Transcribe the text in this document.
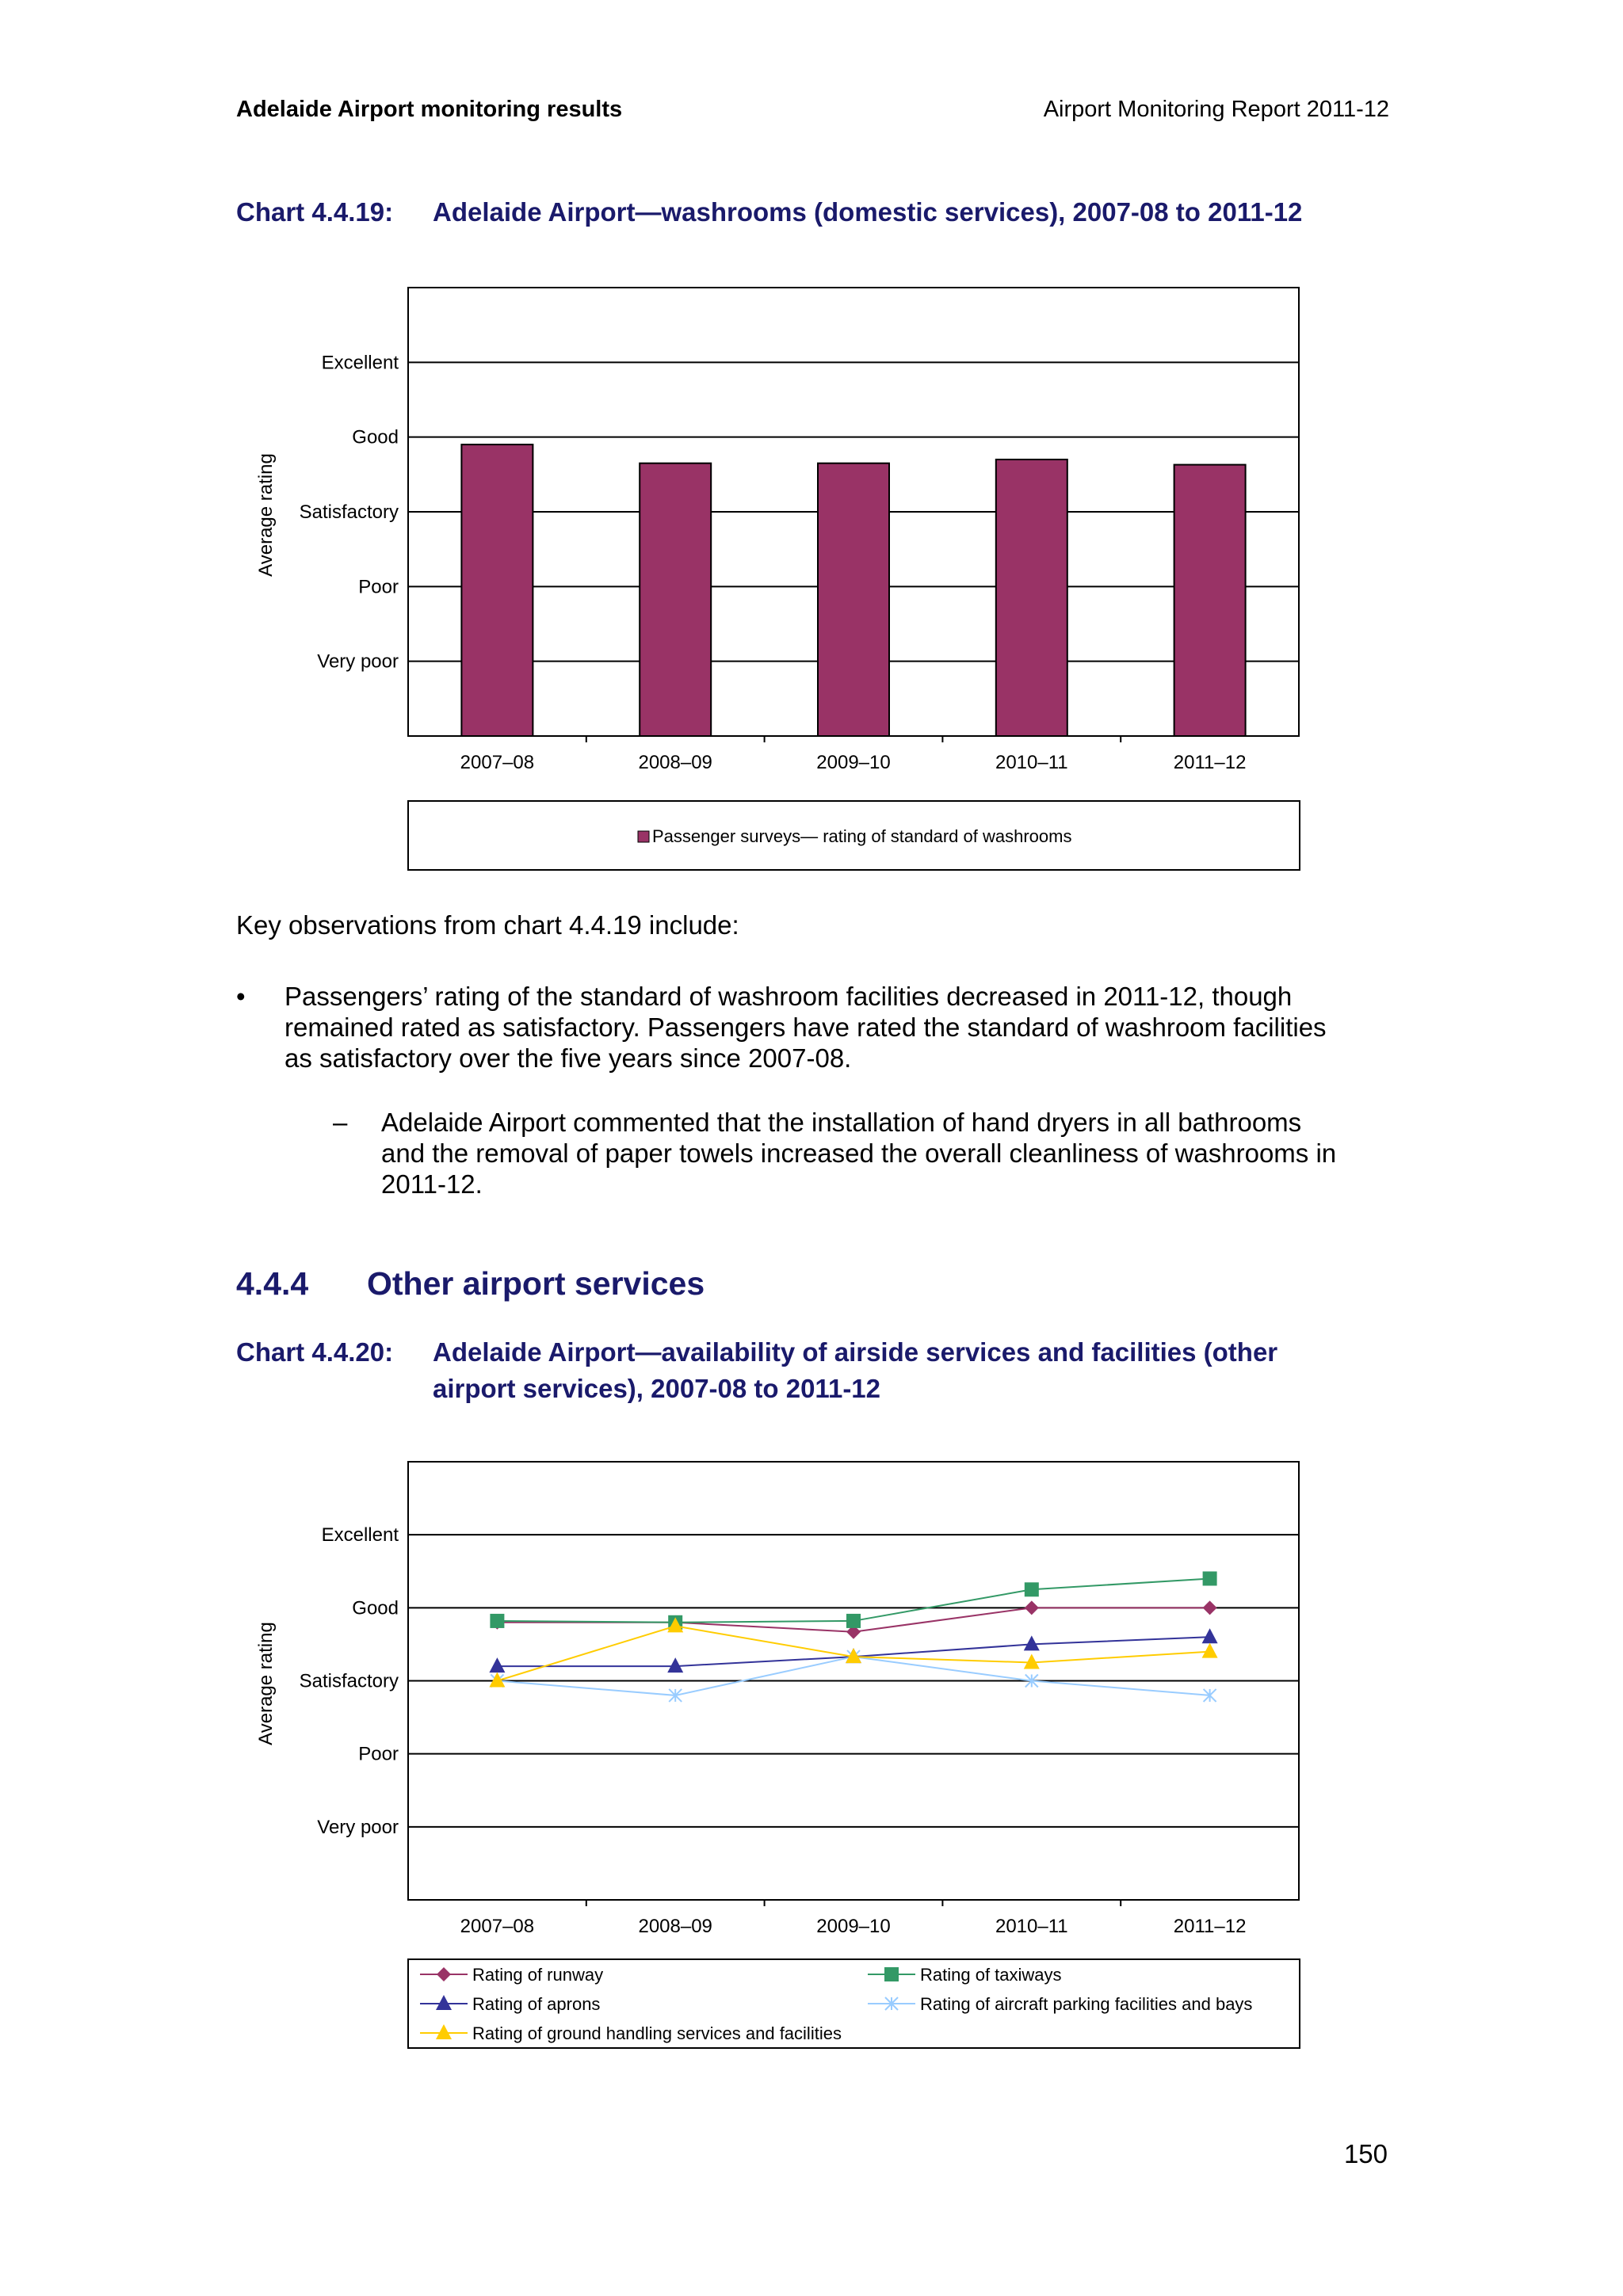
Adelaide Airport monitoring results	Airport Monitoring Report 2011-12
Chart 4.4.19: Adelaide Airport—washrooms (domestic services), 2007-08 to 2011-12
Very poor
Poor
Satisfactory
Good
Excellent
2007–08	2008–09	2009–10	2010–11	2011–12
Average rating
Passenger surveys— rating of standard of washrooms
Key observations from chart 4.4.19 include:
• Passengers’ rating of the standard of washroom facilities decreased in 2011-12, though
remained rated as satisfactory. Passengers have rated the standard of washroom facilities
as satisfactory over the five years since 2007-08.
– Adelaide Airport commented that the installation of hand dryers in all bathrooms
and the removal of paper towels increased the overall cleanliness of washrooms in
2011-12.
4.4.4 Other airport services
Chart 4.4.20: Adelaide Airport—availability of airside services and facilities (other
airport services), 2007-08 to 2011-12
Very poor
Poor
Satisfactory
Good
Excellent
2007–08	2008–09	2009–10	2010–11	2011–12
Average rating
Rating of runway	Rating of taxiways
Rating of aprons	Rating of aircraft parking facilities and bays
Rating of ground handling services and facilities
150
